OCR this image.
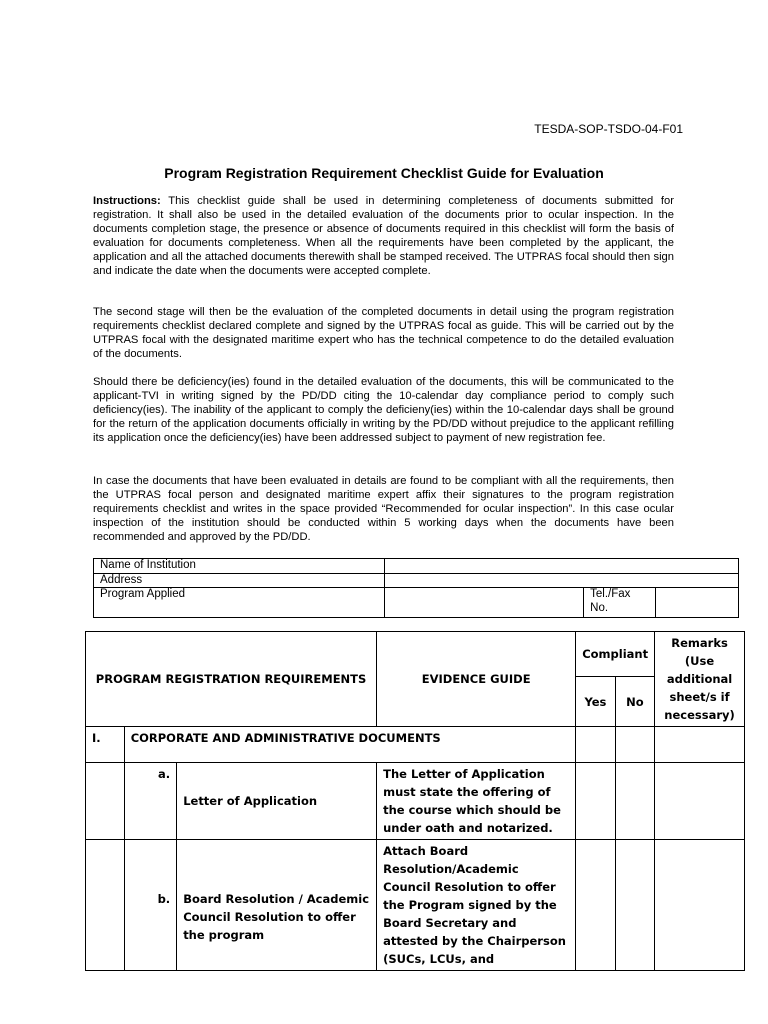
TESDA-SOP-TSDO-04-F01
Program Registration Requirement Checklist Guide for Evaluation
Instructions: This checklist guide shall be used in determining completeness of documents submitted for registration. It shall also be used in the detailed evaluation of the documents prior to ocular inspection. In the documents completion stage, the presence or absence of documents required in this checklist will form the basis of evaluation for documents completeness. When all the requirements have been completed by the applicant, the application and all the attached documents therewith shall be stamped received. The UTPRAS focal should then sign and indicate the date when the documents were accepted complete.
The second stage will then be the evaluation of the completed documents in detail using the program registration requirements checklist declared complete and signed by the UTPRAS focal as guide. This will be carried out by the UTPRAS focal with the designated maritime expert who has the technical competence to do the detailed evaluation of the documents.
Should there be deficiency(ies) found in the detailed evaluation of the documents, this will be communicated to the applicant-TVI in writing signed by the PD/DD citing the 10-calendar day compliance period to comply such deficiency(ies). The inability of the applicant to comply the deficieny(ies) within the 10-calendar days shall be ground for the return of the application documents officially in writing by the PD/DD without prejudice to the applicant refilling its application once the deficiency(ies) have been addressed subject to payment of new registration fee.
In case the documents that have been evaluated in details are found to be compliant with all the requirements, then the UTPRAS focal person and designated maritime expert affix their signatures to the program registration requirements checklist and writes in the space provided “Recommended for ocular inspection”. In this case ocular inspection of the institution should be conducted within 5 working days when the documents have been recommended and approved by the PD/DD.
Name of Institution			
Address			
Program Applied		Tel./Fax No.	
PROGRAM REGISTRATION REQUIREMENTS			EVIDENCE GUIDE	Compliant		Remarks (Use additional sheet/s if necessary)
				Yes	No	
I.	CORPORATE AND ADMINISTRATIVE DOCUMENTS					
	a.	Letter of Application	The Letter of Application must state the offering of the course which should be under oath and notarized.			
	b.	Board Resolution / Academic Council Resolution to offer the program	Attach Board Resolution/Academic Council Resolution to offer the Program signed by the Board Secretary and attested by the Chairperson (SUCs, LCUs, and			
